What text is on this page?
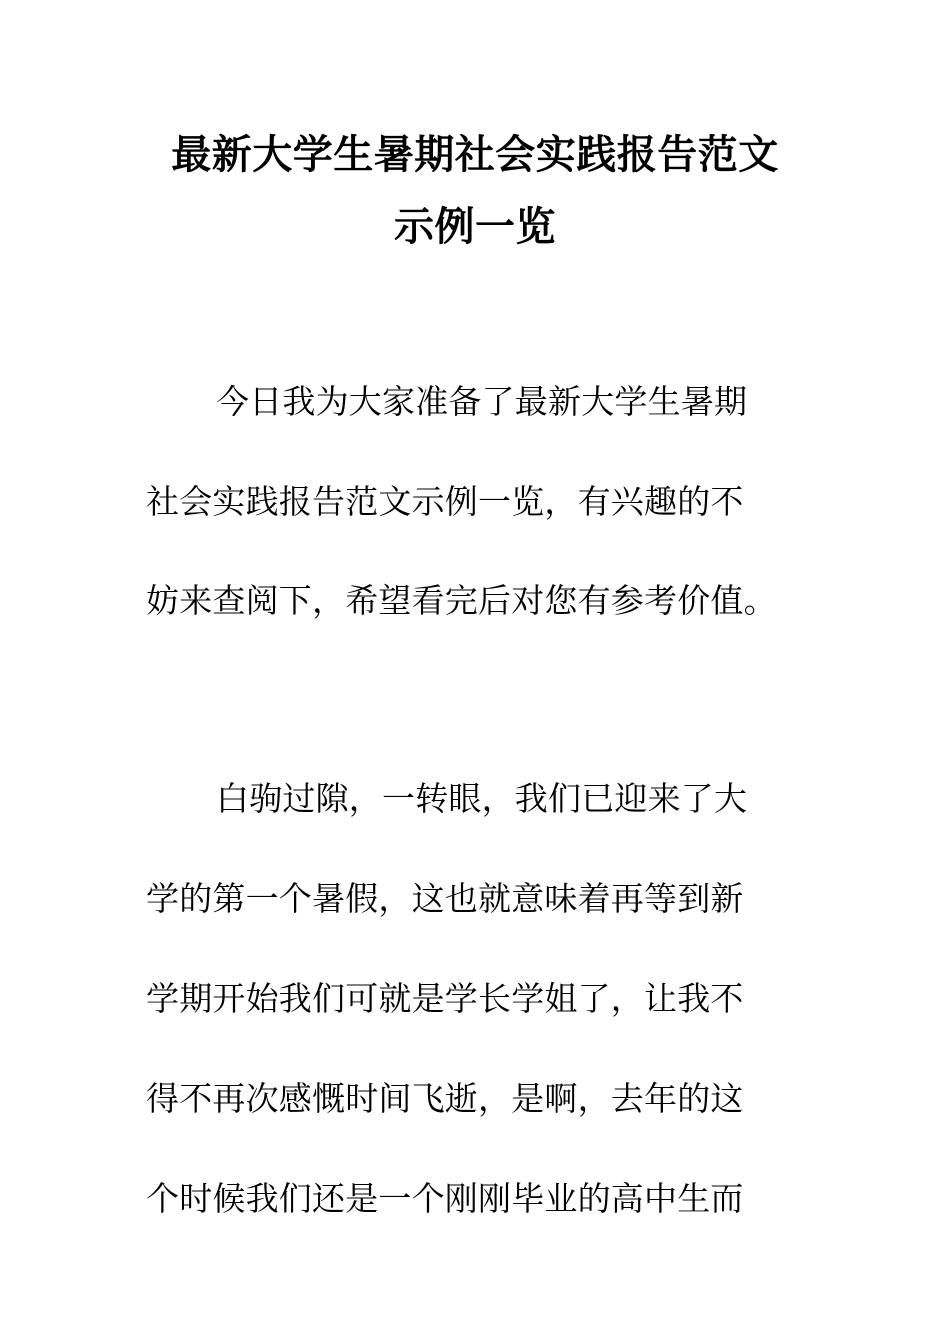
最新大学生暑期社会实践报告范文
示例一览
今日我为大家准备了最新大学生暑期
社会实践报告范文示例一览，有兴趣的不
妨来查阅下，希望看完后对您有参考价值。
白驹过隙，一转眼，我们已迎来了大
学的第一个暑假，这也就意味着再等到新
学期开始我们可就是学长学姐了，让我不
得不再次感慨时间飞逝，是啊，去年的这
个时候我们还是一个刚刚毕业的高中生而
